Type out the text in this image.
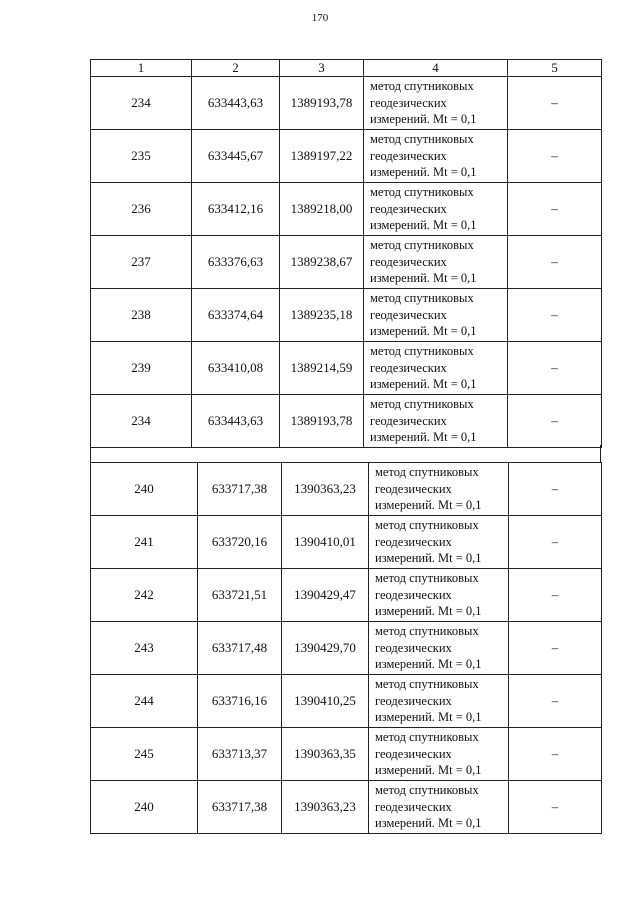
170
1	2	3	4	5
234	633443,63	1389193,78	метод спутниковых
геодезических
измерений. Mt = 0,1	–
235	633445,67	1389197,22	метод спутниковых
геодезических
измерений. Mt = 0,1	–
236	633412,16	1389218,00	метод спутниковых
геодезических
измерений. Mt = 0,1	–
237	633376,63	1389238,67	метод спутниковых
геодезических
измерений. Mt = 0,1	–
238	633374,64	1389235,18	метод спутниковых
геодезических
измерений. Mt = 0,1	–
239	633410,08	1389214,59	метод спутниковых
геодезических
измерений. Mt = 0,1	–
234	633443,63	1389193,78	метод спутниковых
геодезических
измерений. Mt = 0,1	–
240	633717,38	1390363,23	метод спутниковых
геодезических
измерений. Mt = 0,1	–
241	633720,16	1390410,01	метод спутниковых
геодезических
измерений. Mt = 0,1	–
242	633721,51	1390429,47	метод спутниковых
геодезических
измерений. Mt = 0,1	–
243	633717,48	1390429,70	метод спутниковых
геодезических
измерений. Mt = 0,1	–
244	633716,16	1390410,25	метод спутниковых
геодезических
измерений. Mt = 0,1	–
245	633713,37	1390363,35	метод спутниковых
геодезических
измерений. Mt = 0,1	–
240	633717,38	1390363,23	метод спутниковых
геодезических
измерений. Mt = 0,1	–
